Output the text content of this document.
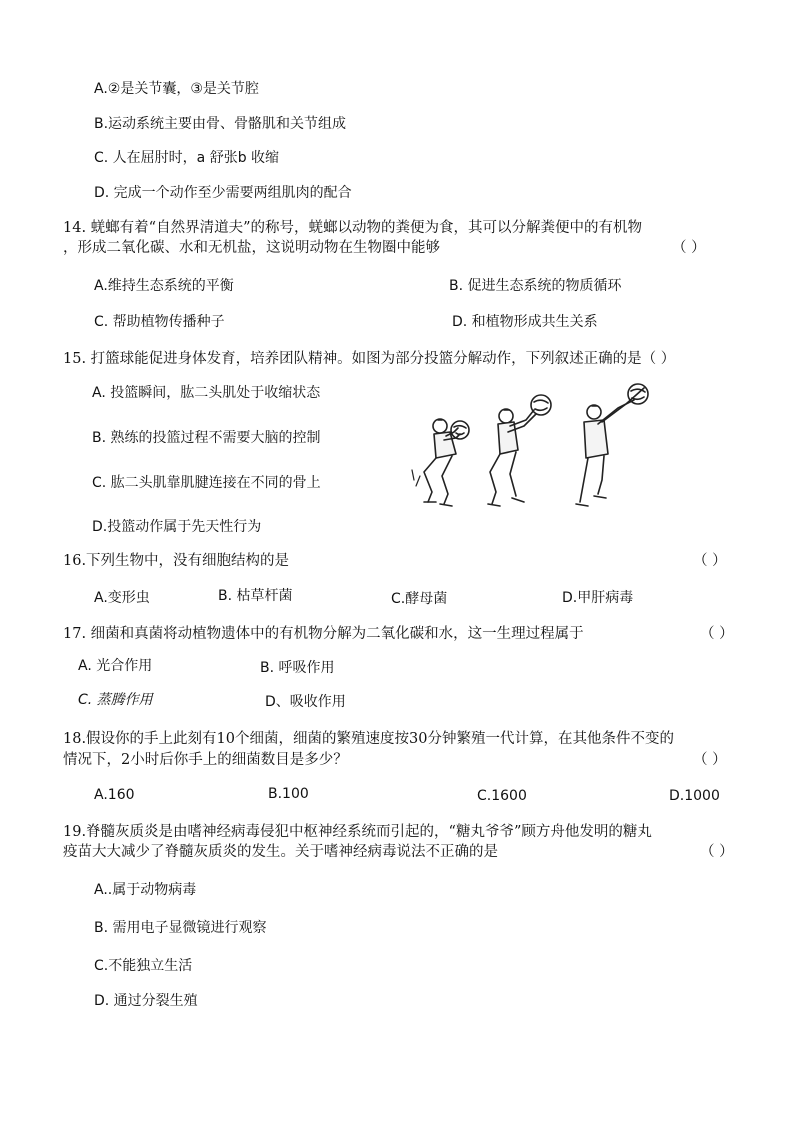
A.②是关节囊，③是关节腔
B.运动系统主要由骨、骨骼肌和关节组成
C. 人在屈肘时，a 舒张b 收缩
D. 完成一个动作至少需要两组肌肉的配合
14. 蜣螂有着“自然界清道夫”的称号，蜣螂以动物的粪便为食，其可以分解粪便中的有机物
，形成二氧化碳、水和无机盐，这说明动物在生物圈中能够	（ ）
A.维持生态系统的平衡	B. 促进生态系统的物质循环
C. 帮助植物传播种子	D. 和植物形成共生关系
15. 打篮球能促进身体发育，培养团队精神。如图为部分投篮分解动作，下列叙述正确的是（ ）
A. 投篮瞬间，肱二头肌处于收缩状态
B. 熟练的投篮过程不需要大脑的控制
C. 肱二头肌靠肌腱连接在不同的骨上
D.投篮动作属于先天性行为
16.下列生物中，没有细胞结构的是	（ ）
A.变形虫	B. 枯草杆菌	C.酵母菌	D.甲肝病毒
17. 细菌和真菌将动植物遗体中的有机物分解为二氧化碳和水，这一生理过程属于	（ ）
A. 光合作用	B. 呼吸作用
C. 蒸腾作用	D、吸收作用
18.假设你的手上此刻有10个细菌，细菌的繁殖速度按30分钟繁殖一代计算，在其他条件不变的
情况下，2小时后你手上的细菌数目是多少？	（ ）
A.160	B.100	C.1600	D.1000
19.脊髓灰质炎是由嗜神经病毒侵犯中枢神经系统而引起的，“糖丸爷爷”顾方舟他发明的糖丸
疫苗大大减少了脊髓灰质炎的发生。关于嗜神经病毒说法不正确的是	（ ）
A..属于动物病毒
B. 需用电子显微镜进行观察
C.不能独立生活
D. 通过分裂生殖
